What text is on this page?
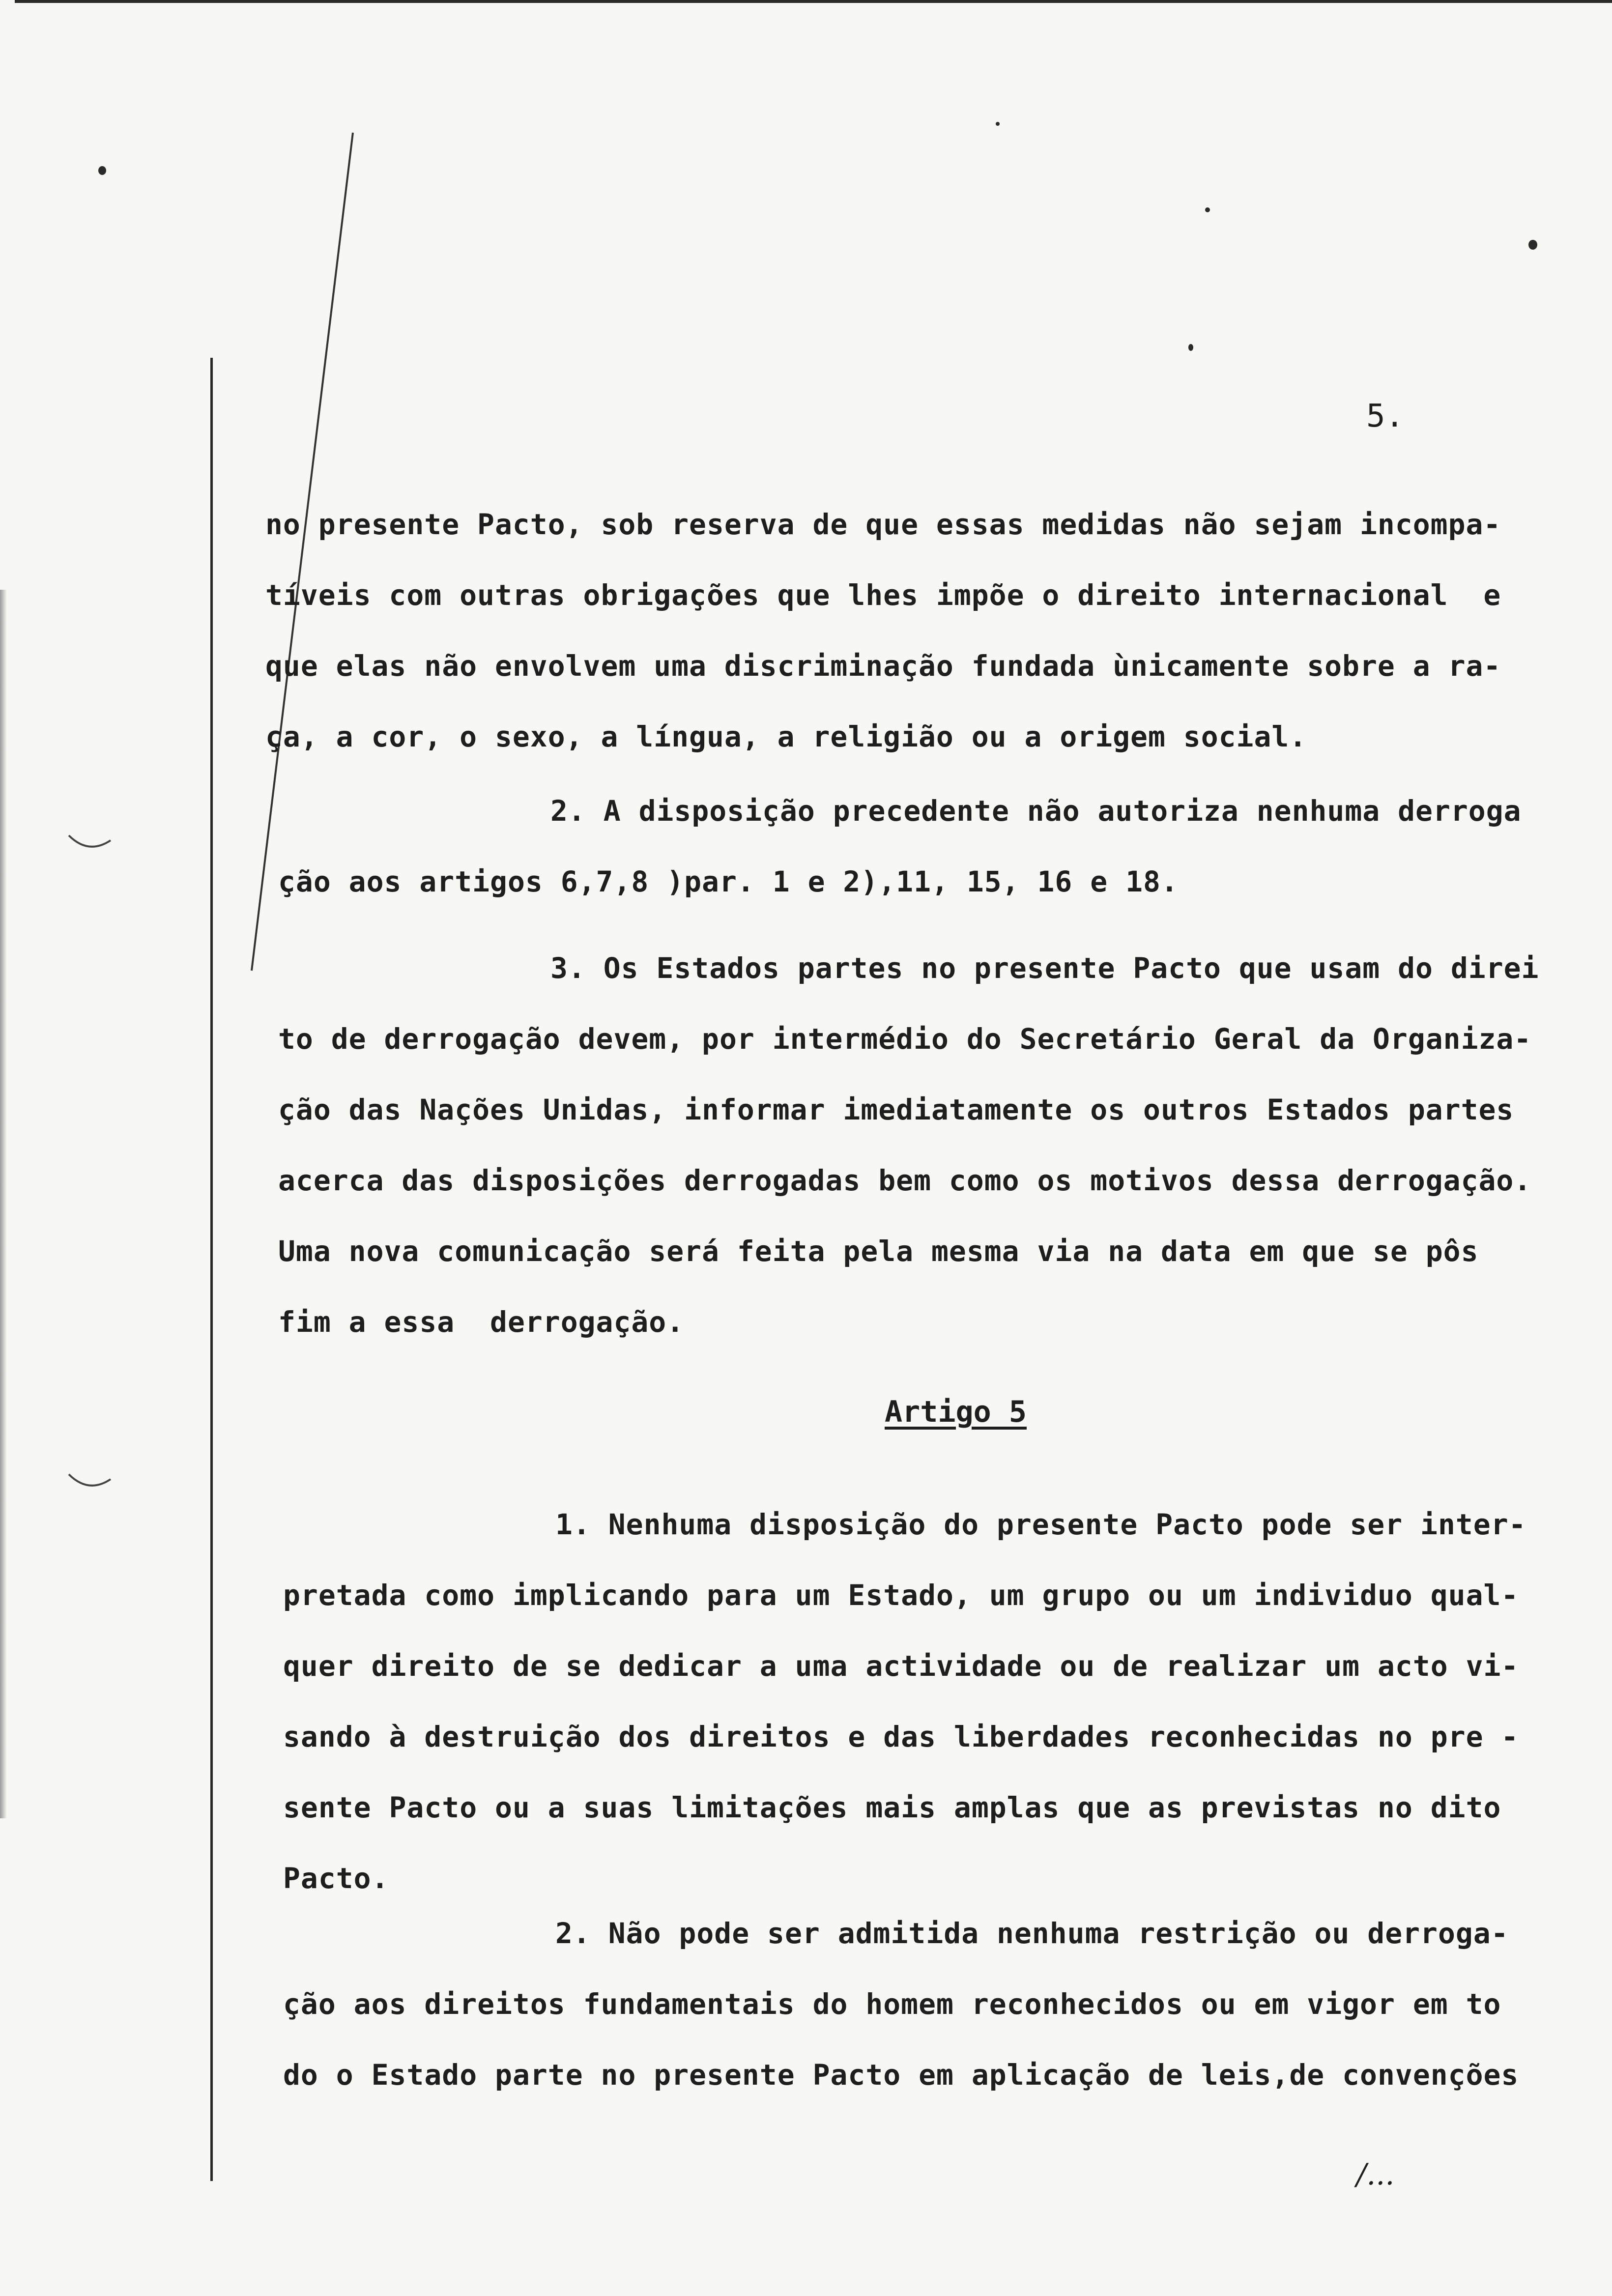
5.
no presente Pacto, sob reserva de que essas medidas não sejam incompa-
tíveis com outras obrigações que lhes impõe o direito internacional  e
que elas não envolvem uma discriminação fundada ùnicamente sobre a ra-
ça, a cor, o sexo, a língua, a religião ou a origem social.
2. A disposição precedente não autoriza nenhuma derroga
ção aos artigos 6,7,8 )par. 1 e 2),11, 15, 16 e 18.
3. Os Estados partes no presente Pacto que usam do direi
to de derrogação devem, por intermédio do Secretário Geral da Organiza-
ção das Nações Unidas, informar imediatamente os outros Estados partes
acerca das disposições derrogadas bem como os motivos dessa derrogação.
Uma nova comunicação será feita pela mesma via na data em que se pôs
fim a essa  derrogação.
Artigo 5
1. Nenhuma disposição do presente Pacto pode ser inter-
pretada como implicando para um Estado, um grupo ou um individuo qual-
quer direito de se dedicar a uma actividade ou de realizar um acto vi-
sando à destruição dos direitos e das liberdades reconhecidas no pre -
sente Pacto ou a suas limitações mais amplas que as previstas no dito
Pacto.
2. Não pode ser admitida nenhuma restrição ou derroga-
ção aos direitos fundamentais do homem reconhecidos ou em vigor em to
do o Estado parte no presente Pacto em aplicação de leis,de convenções
/...
